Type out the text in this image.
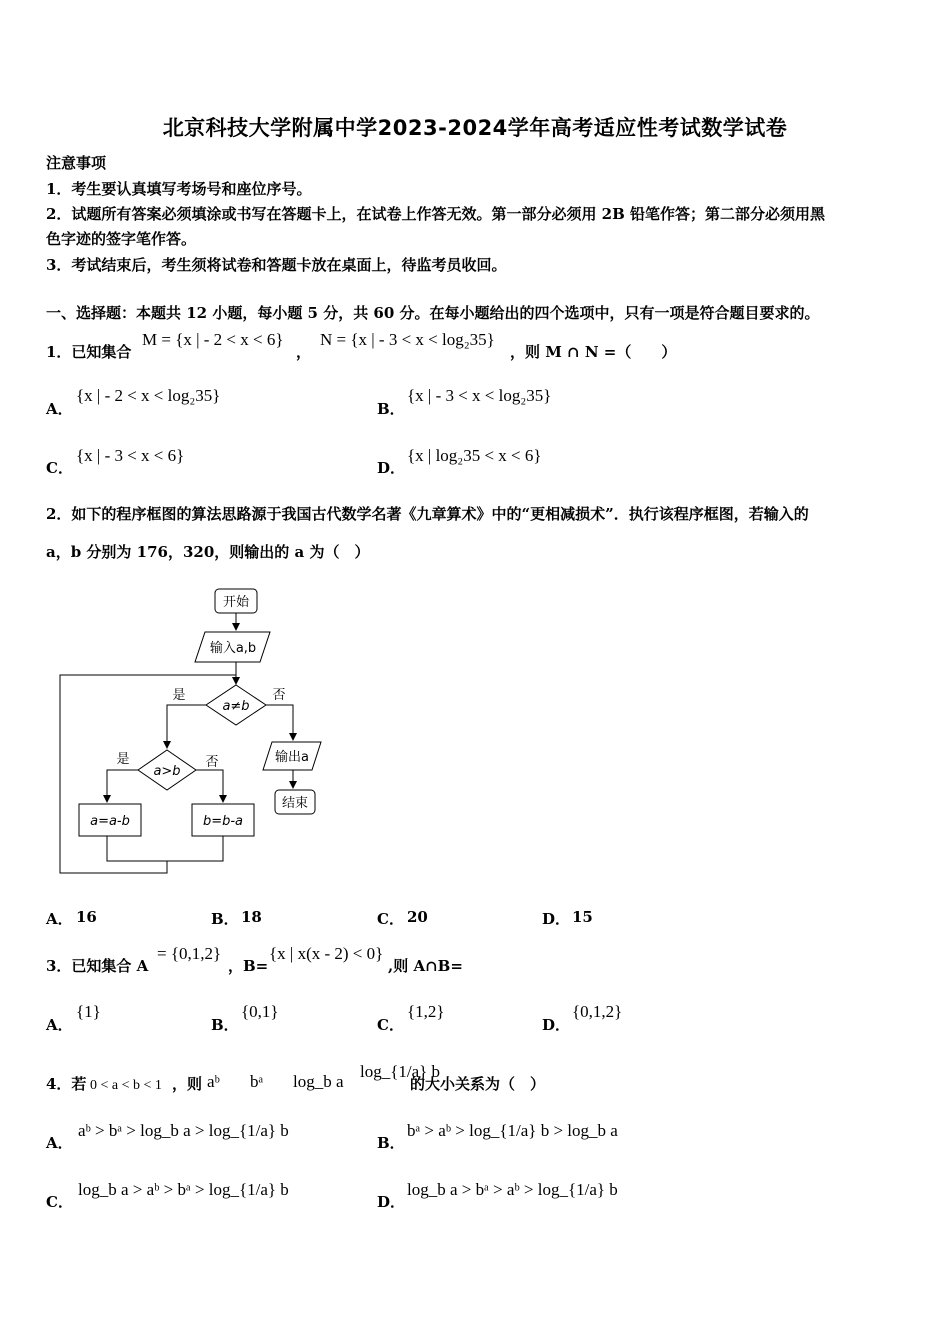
北京科技大学附属中学2023-2024学年高考适应性考试数学试卷
注意事项
1．考生要认真填写考场号和座位序号。
2．试题所有答案必须填涂或书写在答题卡上，在试卷上作答无效。第一部分必须用 2B 铅笔作答；第二部分必须用黑
色字迹的签字笔作答。
3．考试结束后，考生须将试卷和答题卡放在桌面上，待监考员收回。
一、选择题：本题共 12 小题，每小题 5 分，共 60 分。在每小题给出的四个选项中，只有一项是符合题目要求的。
1．已知集合
M = {x | - 2 < x < 6}
，
N = {x | - 3 < x < log₂35}
，则 M ∩ N =（　　）
A．
{x | - 2 < x < log₂35}
B．
{x | - 3 < x < log₂35}
C．
{x | - 3 < x < 6}
D．
{x | log₂35 < x < 6}
2．如下的程序框图的算法思路源于我国古代数学名著《九章算术》中的“更相减损术”．执行该程序框图，若输入的
a，b 分别为 176，320，则输出的 a 为（　）
开始
输入a,b
a≠b
是	否
输出a
结束
a>b
是	否
a=a-b	b=b-a
A． 16	B． 18	C． 20	D． 15
3．已知集合 A
= {0,1,2}
，B=
{x | x(x - 2) < 0}
,则 A∩B=
A．
{1}
B．
{0,1}
C．
{1,2}
D．
{0,1,2}
4．若 0 < a < b < 1 ，则 aᵇ bᵃ log_b a
log_{1/a} b
的大小关系为（　）
A．
aᵇ > bᵃ > log_b a > log_{1/a} b
B．
bᵃ > aᵇ > log_{1/a} b > log_b a
C．
log_b a > aᵇ > bᵃ > log_{1/a} b
D．
log_b a > bᵃ > aᵇ > log_{1/a} b
